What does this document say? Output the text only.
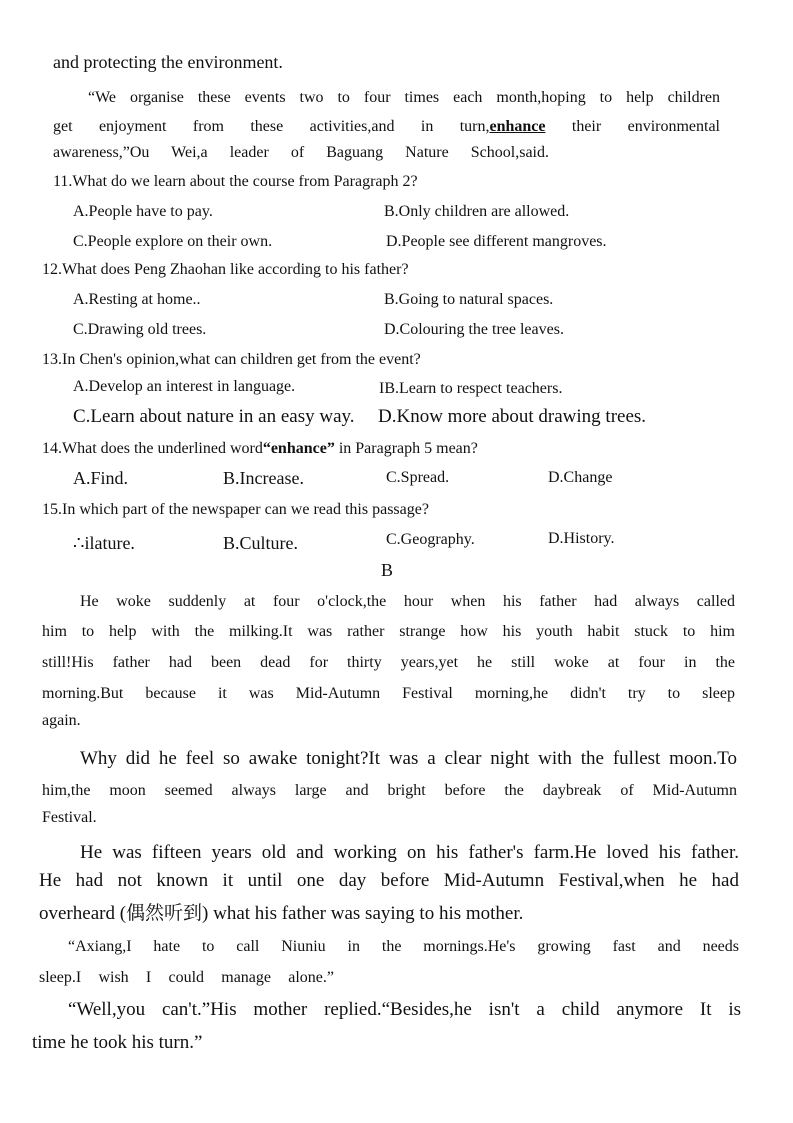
and protecting the environment.
“We organise these events two to four times each month,hoping to help children
get enjoyment from these activities,and in turn,enhance their environmental
awareness,”Ou Wei,a leader of Baguang Nature School,said.
11.What do we learn about the course from Paragraph 2?
A.People have to pay.	B.Only children are allowed.
C.People explore on their own.	D.People see different mangroves.
12.What does Peng Zhaohan like according to his father?
A.Resting at home..	B.Going to natural spaces.
C.Drawing old trees.	D.Colouring the tree leaves.
13.In Chen's opinion,what can children get from the event?
A.Develop an interest in language.	IB.Learn to respect teachers.
C.Learn about nature in an easy way. D.Know more about drawing trees.
14.What does the underlined word“enhance” in Paragraph 5 mean?
A.Find.	B.Increase.	C.Spread.	D.Change
15.In which part of the newspaper can we read this passage?
∴ilature.	B.Culture.	C.Geography.	D.History.
B
He woke suddenly at four o'clock,the hour when his father had always called
him to help with the milking.It was rather strange how his youth habit stuck to him
still!His father had been dead for thirty years,yet he still woke at four in the
morning.But because it was Mid-Autumn Festival morning,he didn't try to sleep
again.
Why did he feel so awake tonight?It was a clear night with the fullest moon.To
him,the moon seemed always large and bright before the daybreak of Mid-Autumn
Festival.
He was fifteen years old and working on his father's farm.He loved his father.
He had not known it until one day before Mid-Autumn Festival,when he had
overheard (偶然听到) what his father was saying to his mother.
“Axiang,I hate to call Niuniu in the mornings.He's growing fast and needs
sleep.I wish I could manage alone.”
“Well,you can't.”His mother replied.“Besides,he isn't a child anymore It is
time he took his turn.”
